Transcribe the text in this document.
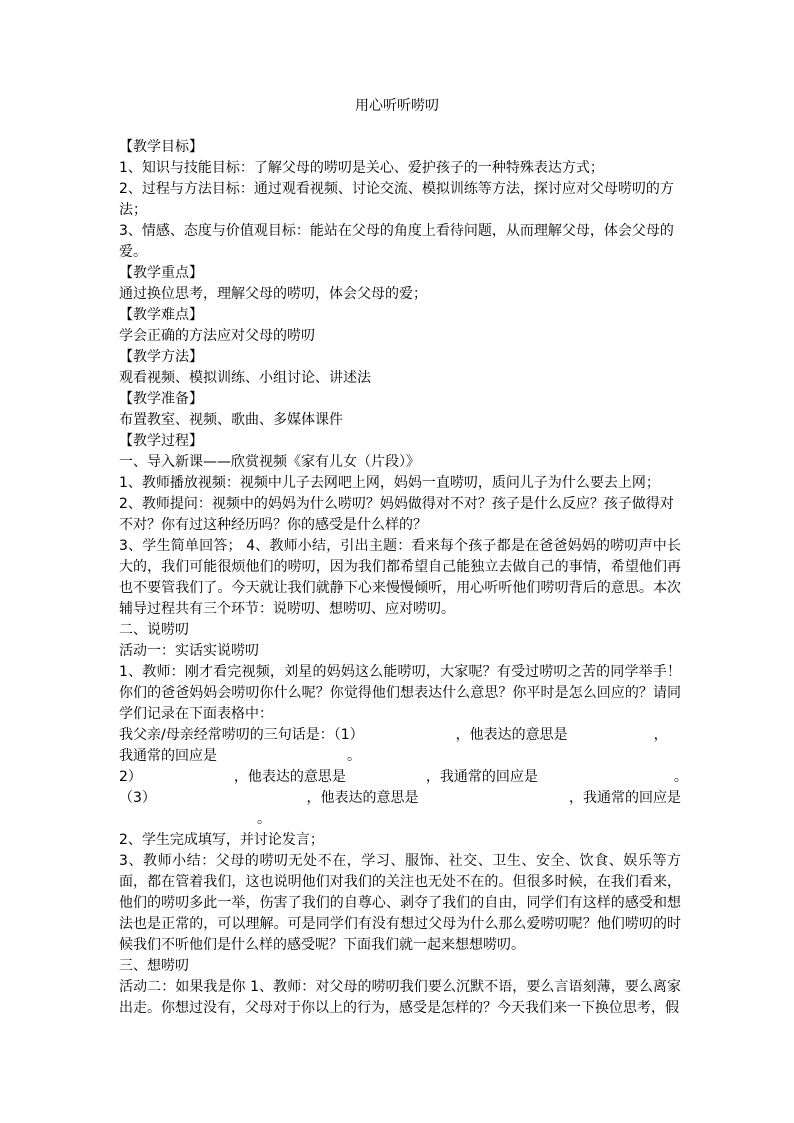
用心听听唠叨

【教学目标】

1、知识与技能目标：了解父母的唠叨是关心、爱护孩子的一种特殊表达方式；

2、过程与方法目标：通过观看视频、讨论交流、模拟训练等方法，探讨应对父母唠叨的方

法；

3、情感、态度与价值观目标：能站在父母的角度上看待问题，从而理解父母，体会父母的

爱。

【教学重点】

通过换位思考，理解父母的唠叨，体会父母的爱；

【教学难点】

学会正确的方法应对父母的唠叨

【教学方法】

观看视频、模拟训练、小组讨论、讲述法

【教学准备】

布置教室、视频、歌曲、多媒体课件

【教学过程】

一、导入新课——欣赏视频《家有儿女（片段）》

1、教师播放视频：视频中儿子去网吧上网，妈妈一直唠叨，质问儿子为什么要去上网；

2、教师提问：视频中的妈妈为什么唠叨？妈妈做得对不对？孩子是什么反应？孩子做得对

不对？你有过这种经历吗？你的感受是什么样的？

3、学生简单回答； 4、教师小结，引出主题：看来每个孩子都是在爸爸妈妈的唠叨声中长大的，我们可能很烦他们的唠叨，因为我们都希望自己能独立去做自己的事情，希望他们再也不要管我们了。今天就让我们就静下心来慢慢倾听，用心听听他们唠叨背后的意思。本次辅导过程共有三个环节：说唠叨、想唠叨、应对唠叨。

二、说唠叨

活动一：实话实说唠叨

1、教师：刚才看完视频，刘星的妈妈这么能唠叨，大家呢？有受过唠叨之苦的同学举手！你们的爸爸妈妈会唠叨你什么呢？你觉得他们想表达什么意思？你平时是怎么回应的？请同学们记录在下面表格中：

我父亲/母亲经常唠叨的三句话是：（1）	，他表达的意思是	，

我通常的回应是	。

2）	，他表达的意思是	，我通常的回应是	。

（3）	，他表达的意思是	，我通常的回应是

。

2、学生完成填写，并讨论发言；

3、教师小结：父母的唠叨无处不在，学习、服饰、社交、卫生、安全、饮食、娱乐等方面，都在管着我们，这也说明他们对我们的关注也无处不在的。但很多时候，在我们看来，他们的唠叨多此一举，伤害了我们的自尊心、剥夺了我们的自由，同学们有这样的感受和想法也是正常的，可以理解。可是同学们有没有想过父母为什么那么爱唠叨呢？他们唠叨的时候我们不听他们是什么样的感受呢？下面我们就一起来想想唠叨。

三、想唠叨

活动二：如果我是你 1、教师：对父母的唠叨我们要么沉默不语，要么言语刻薄，要么离家出走。你想过没有，父母对于你以上的行为，感受是怎样的？今天我们来一下换位思考，假
